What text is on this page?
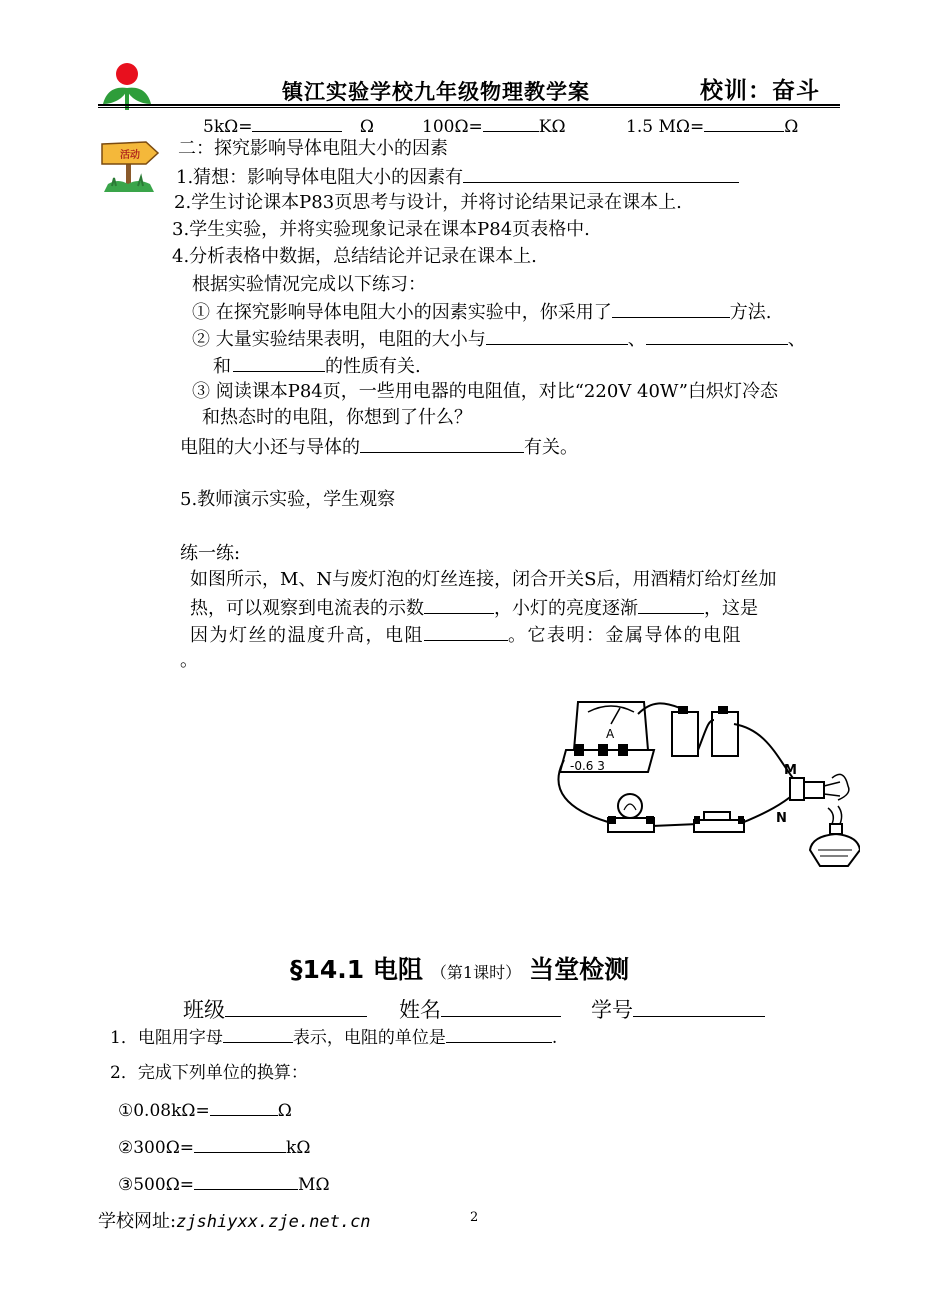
镇江实验学校九年级物理教学案	校训：奋斗
5kΩ=	Ω	100Ω=	KΩ	1.5 MΩ=	Ω
活动 二：探究影响导体电阻大小的因素
1.猜想：影响导体电阻大小的因素有
2.学生讨论课本P83页思考与设计，并将讨论结果记录在课本上.
3.学生实验，并将实验现象记录在课本P84页表格中.
4.分析表格中数据，总结结论并记录在课本上.
根据实验情况完成以下练习：
① 在探究影响导体电阻大小的因素实验中，你采用了	方法.
② 大量实验结果表明，电阻的大小与	、	、
和	的性质有关.
③ 阅读课本P84页，一些用电器的电阻值，对比“220V 40W”白炽灯冷态
和热态时的电阻，你想到了什么？
电阻的大小还与导体的	有关。
5.教师演示实验，学生观察
练一练:
如图所示，M、N与废灯泡的灯丝连接，闭合开关S后，用酒精灯给灯丝加
热，可以观察到电流表的示数	，小灯的亮度逐渐	，这是
因为灯丝的温度升高，电阻	。它表明：金属导体的电阻
。
A
-0.6 3	M
N
§14.1 电阻 （第1课时） 当堂检测
班级	姓名	学号
1．电阻用字母	表示，电阻的单位是	.
2．完成下列单位的换算：
①0.08kΩ=	Ω
②300Ω=	kΩ
③500Ω=	MΩ
学校网址:zjshiyxx.zje.net.cn	2
